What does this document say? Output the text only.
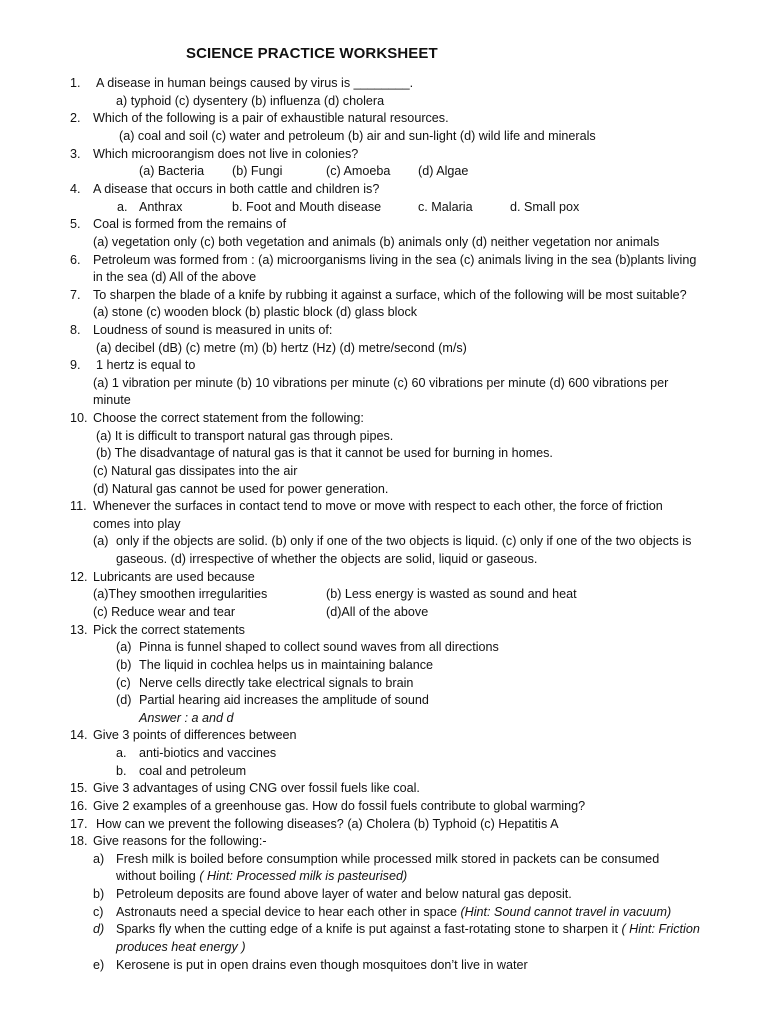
SCIENCE PRACTICE WORKSHEET
1. A disease in human beings caused by virus is ________.
a) typhoid (c) dysentery (b) influenza (d) cholera
2. Which of the following is a pair of exhaustible natural resources.
(a) coal and soil (c) water and petroleum (b) air and sun-light (d) wild life and minerals
3. Which microorangism does not live in colonies?
(a) Bacteria (b) Fungi	(c) Amoeba (d) Algae
4. A disease that occurs in both cattle and children is?
a. Anthrax	b. Foot and Mouth disease	c. Malaria	d. Small pox
5. Coal is formed from the remains of
(a) vegetation only (c) both vegetation and animals (b) animals only (d) neither vegetation nor animals
6. Petroleum was formed from : (a) microorganisms living in the sea (c) animals living in the sea (b)plants living
in the sea (d) All of the above
7. To sharpen the blade of a knife by rubbing it against a surface, which of the following will be most suitable?
(a) stone (c) wooden block (b) plastic block (d) glass block
8. Loudness of sound is measured in units of:
(a) decibel (dB) (c) metre (m) (b) hertz (Hz) (d) metre/second (m/s)
9. 1 hertz is equal to
(a) 1 vibration per minute (b) 10 vibrations per minute (c) 60 vibrations per minute (d) 600 vibrations per
minute
10. Choose the correct statement from the following:
(a) It is difficult to transport natural gas through pipes.
(b) The disadvantage of natural gas is that it cannot be used for burning in homes.
(c) Natural gas dissipates into the air
(d) Natural gas cannot be used for power generation.
11. Whenever the surfaces in contact tend to move or move with respect to each other, the force of friction
comes into play
(a) only if the objects are solid. (b) only if one of the two objects is liquid. (c) only if one of the two objects is
gaseous. (d) irrespective of whether the objects are solid, liquid or gaseous.
12. Lubricants are used because
(a)They smoothen irregularities	(b) Less energy is wasted as sound and heat
(c) Reduce wear and tear	(d)All of the above
13. Pick the correct statements
(a) Pinna is funnel shaped to collect sound waves from all directions
(b) The liquid in cochlea helps us in maintaining balance
(c) Nerve cells directly take electrical signals to brain
(d) Partial hearing aid increases the amplitude of sound
Answer : a and d
14. Give 3 points of differences between
a. anti-biotics and vaccines
b. coal and petroleum
15. Give 3 advantages of using CNG over fossil fuels like coal.
16. Give 2 examples of a greenhouse gas. How do fossil fuels contribute to global warming?
17. How can we prevent the following diseases? (a) Cholera (b) Typhoid (c) Hepatitis A
18. Give reasons for the following:-
a) Fresh milk is boiled before consumption while processed milk stored in packets can be consumed
without boiling ( Hint: Processed milk is pasteurised)
b) Petroleum deposits are found above layer of water and below natural gas deposit.
c) Astronauts need a special device to hear each other in space (Hint: Sound cannot travel in vacuum)
d) Sparks fly when the cutting edge of a knife is put against a fast-rotating stone to sharpen it ( Hint: Friction
produces heat energy )
e) Kerosene is put in open drains even though mosquitoes don’t live in water
